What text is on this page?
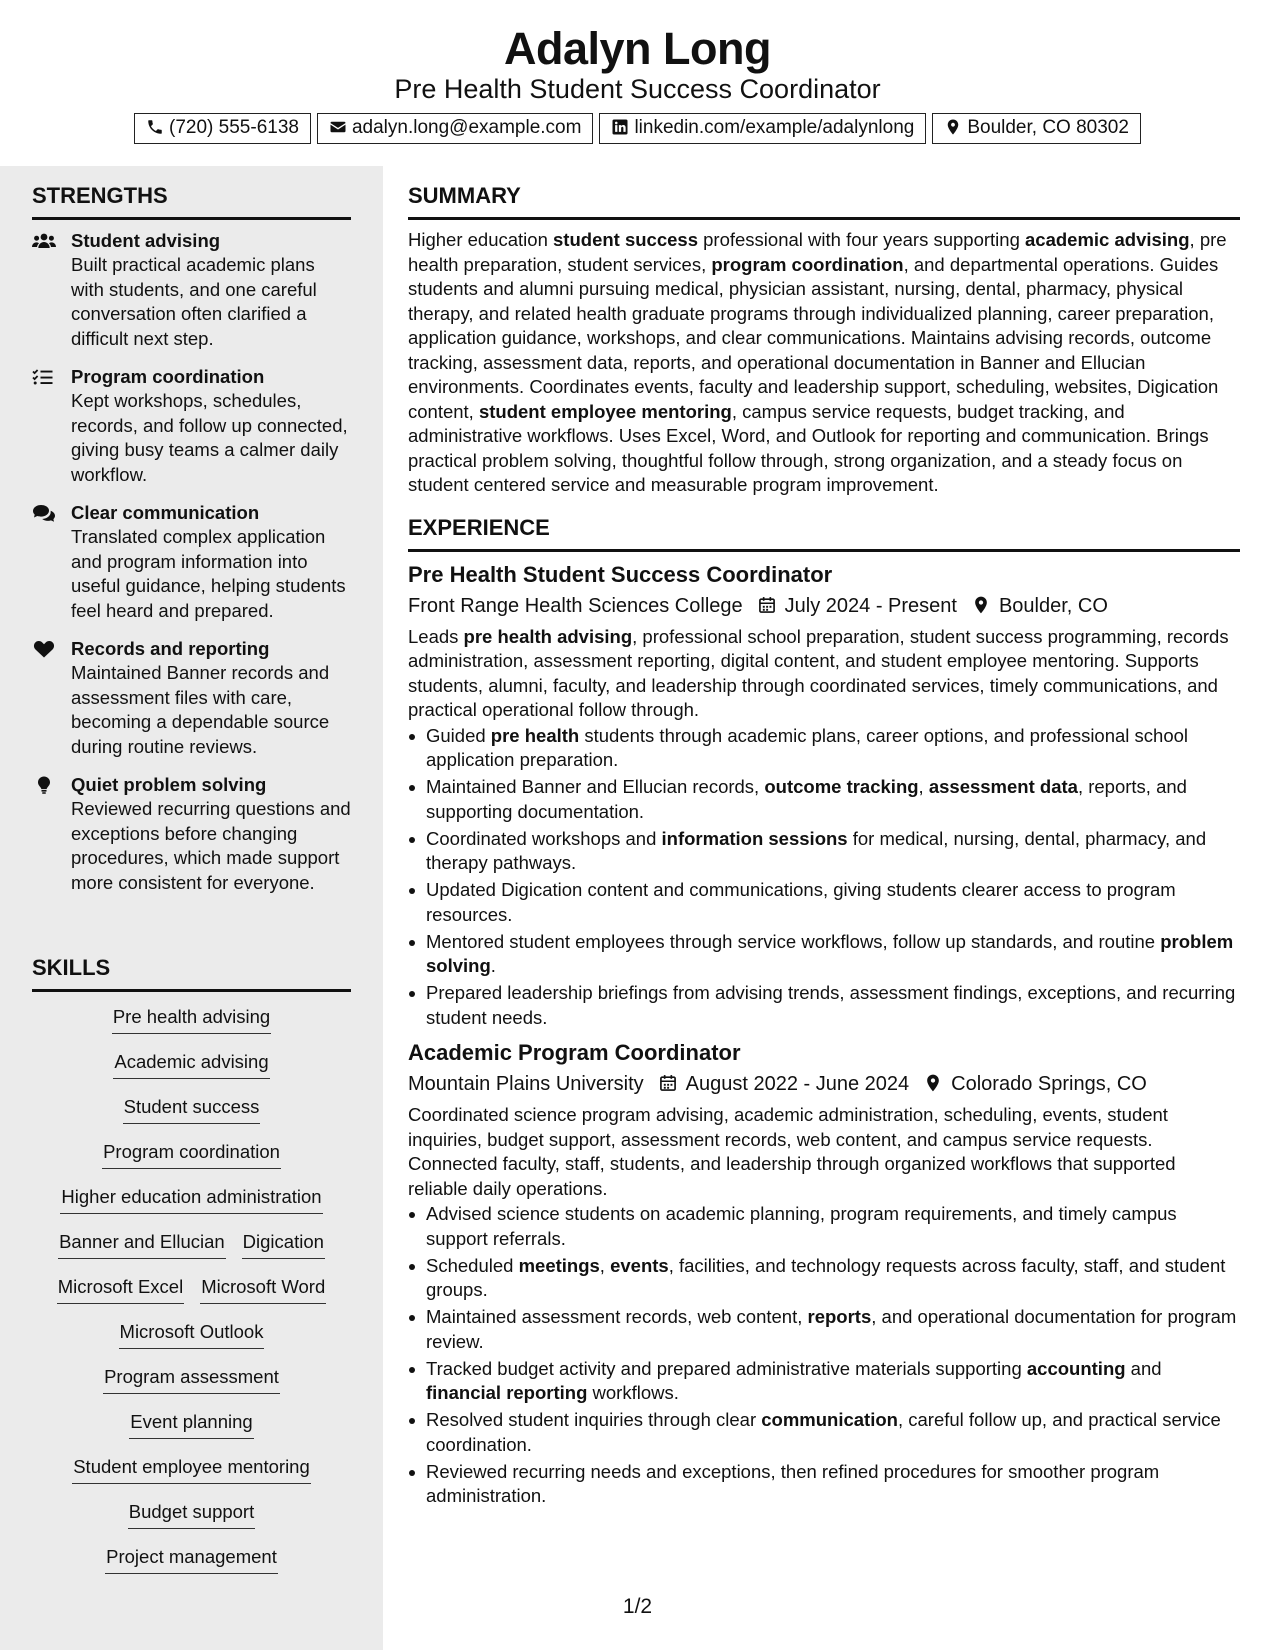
Adalyn Long
Pre Health Student Success Coordinator
(720) 555-6138	adalyn.long@example.com	linkedin.com/example/adalynlong	Boulder, CO 80302
STRENGTHS
Student advising
Built practical academic plans with students, and one careful conversation often clarified a difficult next step.
Program coordination
Kept workshops, schedules, records, and follow up connected, giving busy teams a calmer daily workflow.
Clear communication
Translated complex application and program information into useful guidance, helping students feel heard and prepared.
Records and reporting
Maintained Banner records and assessment files with care, becoming a dependable source during routine reviews.
Quiet problem solving
Reviewed recurring questions and exceptions before changing procedures, which made support more consistent for everyone.
SKILLS
Pre health advising
Academic advising
Student success
Program coordination
Higher education administration
Banner and Ellucian Digication
Microsoft Excel Microsoft Word
Microsoft Outlook
Program assessment
Event planning
Student employee mentoring
Budget support
Project management
SUMMARY
Higher education student success professional with four years supporting academic advising, pre health preparation, student services, program coordination, and departmental operations. Guides students and alumni pursuing medical, physician assistant, nursing, dental, pharmacy, physical therapy, and related health graduate programs through individualized planning, career preparation, application guidance, workshops, and clear communications. Maintains advising records, outcome tracking, assessment data, reports, and operational documentation in Banner and Ellucian environments. Coordinates events, faculty and leadership support, scheduling, websites, Digication content, student employee mentoring, campus service requests, budget tracking, and administrative workflows. Uses Excel, Word, and Outlook for reporting and communication. Brings practical problem solving, thoughtful follow through, strong organization, and a steady focus on student centered service and measurable program improvement.
EXPERIENCE
Pre Health Student Success Coordinator
Front Range Health Sciences College July 2024 - Present Boulder, CO
Leads pre health advising, professional school preparation, student success programming, records administration, assessment reporting, digital content, and student employee mentoring. Supports students, alumni, faculty, and leadership through coordinated services, timely communications, and practical operational follow through.
Guided pre health students through academic plans, career options, and professional school application preparation.
Maintained Banner and Ellucian records, outcome tracking, assessment data, reports, and supporting documentation.
Coordinated workshops and information sessions for medical, nursing, dental, pharmacy, and therapy pathways.
Updated Digication content and communications, giving students clearer access to program resources.
Mentored student employees through service workflows, follow up standards, and routine problem solving.
Prepared leadership briefings from advising trends, assessment findings, exceptions, and recurring student needs.
Academic Program Coordinator
Mountain Plains University August 2022 - June 2024 Colorado Springs, CO
Coordinated science program advising, academic administration, scheduling, events, student inquiries, budget support, assessment records, web content, and campus service requests. Connected faculty, staff, students, and leadership through organized workflows that supported reliable daily operations.
Advised science students on academic planning, program requirements, and timely campus support referrals.
Scheduled meetings, events, facilities, and technology requests across faculty, staff, and student groups.
Maintained assessment records, web content, reports, and operational documentation for program review.
Tracked budget activity and prepared administrative materials supporting accounting and financial reporting workflows.
Resolved student inquiries through clear communication, careful follow up, and practical service coordination.
Reviewed recurring needs and exceptions, then refined procedures for smoother program administration.
1/2
